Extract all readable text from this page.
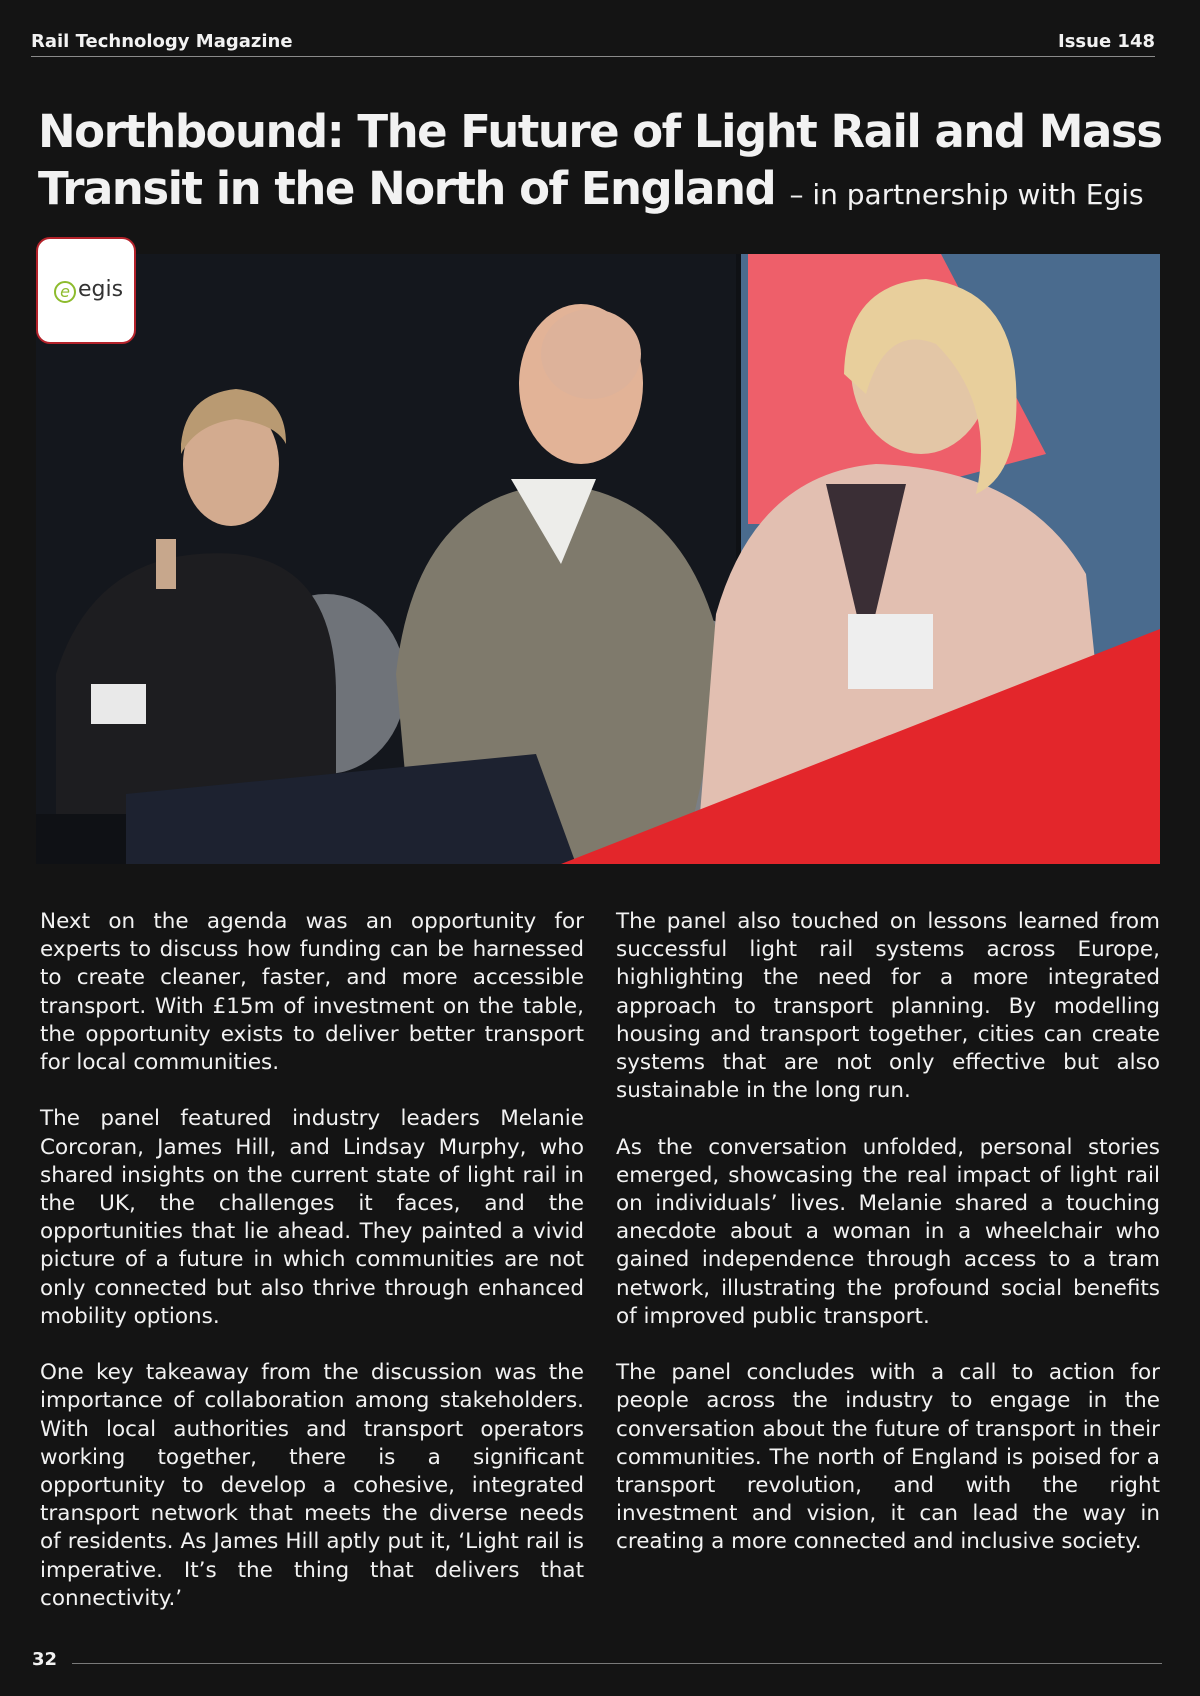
Rail Technology Magazine	Issue 148
Northbound: The Future of Light Rail and Mass Transit in the North of England – in partnership with Egis
e egis

Next on the agenda was an opportunity for experts to discuss how funding can be harnessed to create cleaner, faster, and more accessible transport. With £15m of investment on the table, the opportunity exists to deliver better transport for local communities.

The panel featured industry leaders Melanie Corcoran, James Hill, and Lindsay Murphy, who shared insights on the current state of light rail in the UK, the challenges it faces, and the opportunities that lie ahead. They painted a vivid picture of a future in which communities are not only connected but also thrive through enhanced mobility options.

One key takeaway from the discussion was the importance of collaboration among stakeholders. With local authorities and transport operators working together, there is a significant opportunity to develop a cohesive, integrated transport network that meets the diverse needs of residents. As James Hill aptly put it, ‘Light rail is imperative. It’s the thing that delivers that connectivity.’

The panel also touched on lessons learned from successful light rail systems across Europe, highlighting the need for a more integrated approach to transport planning. By modelling housing and transport together, cities can create systems that are not only effective but also sustainable in the long run.

As the conversation unfolded, personal stories emerged, showcasing the real impact of light rail on individuals’ lives. Melanie shared a touching anecdote about a woman in a wheelchair who gained independence through access to a tram network, illustrating the profound social benefits of improved public transport.

The panel concludes with a call to action for people across the industry to engage in the conversation about the future of transport in their communities. The north of England is poised for a transport revolution, and with the right investment and vision, it can lead the way in creating a more connected and inclusive society.

32
